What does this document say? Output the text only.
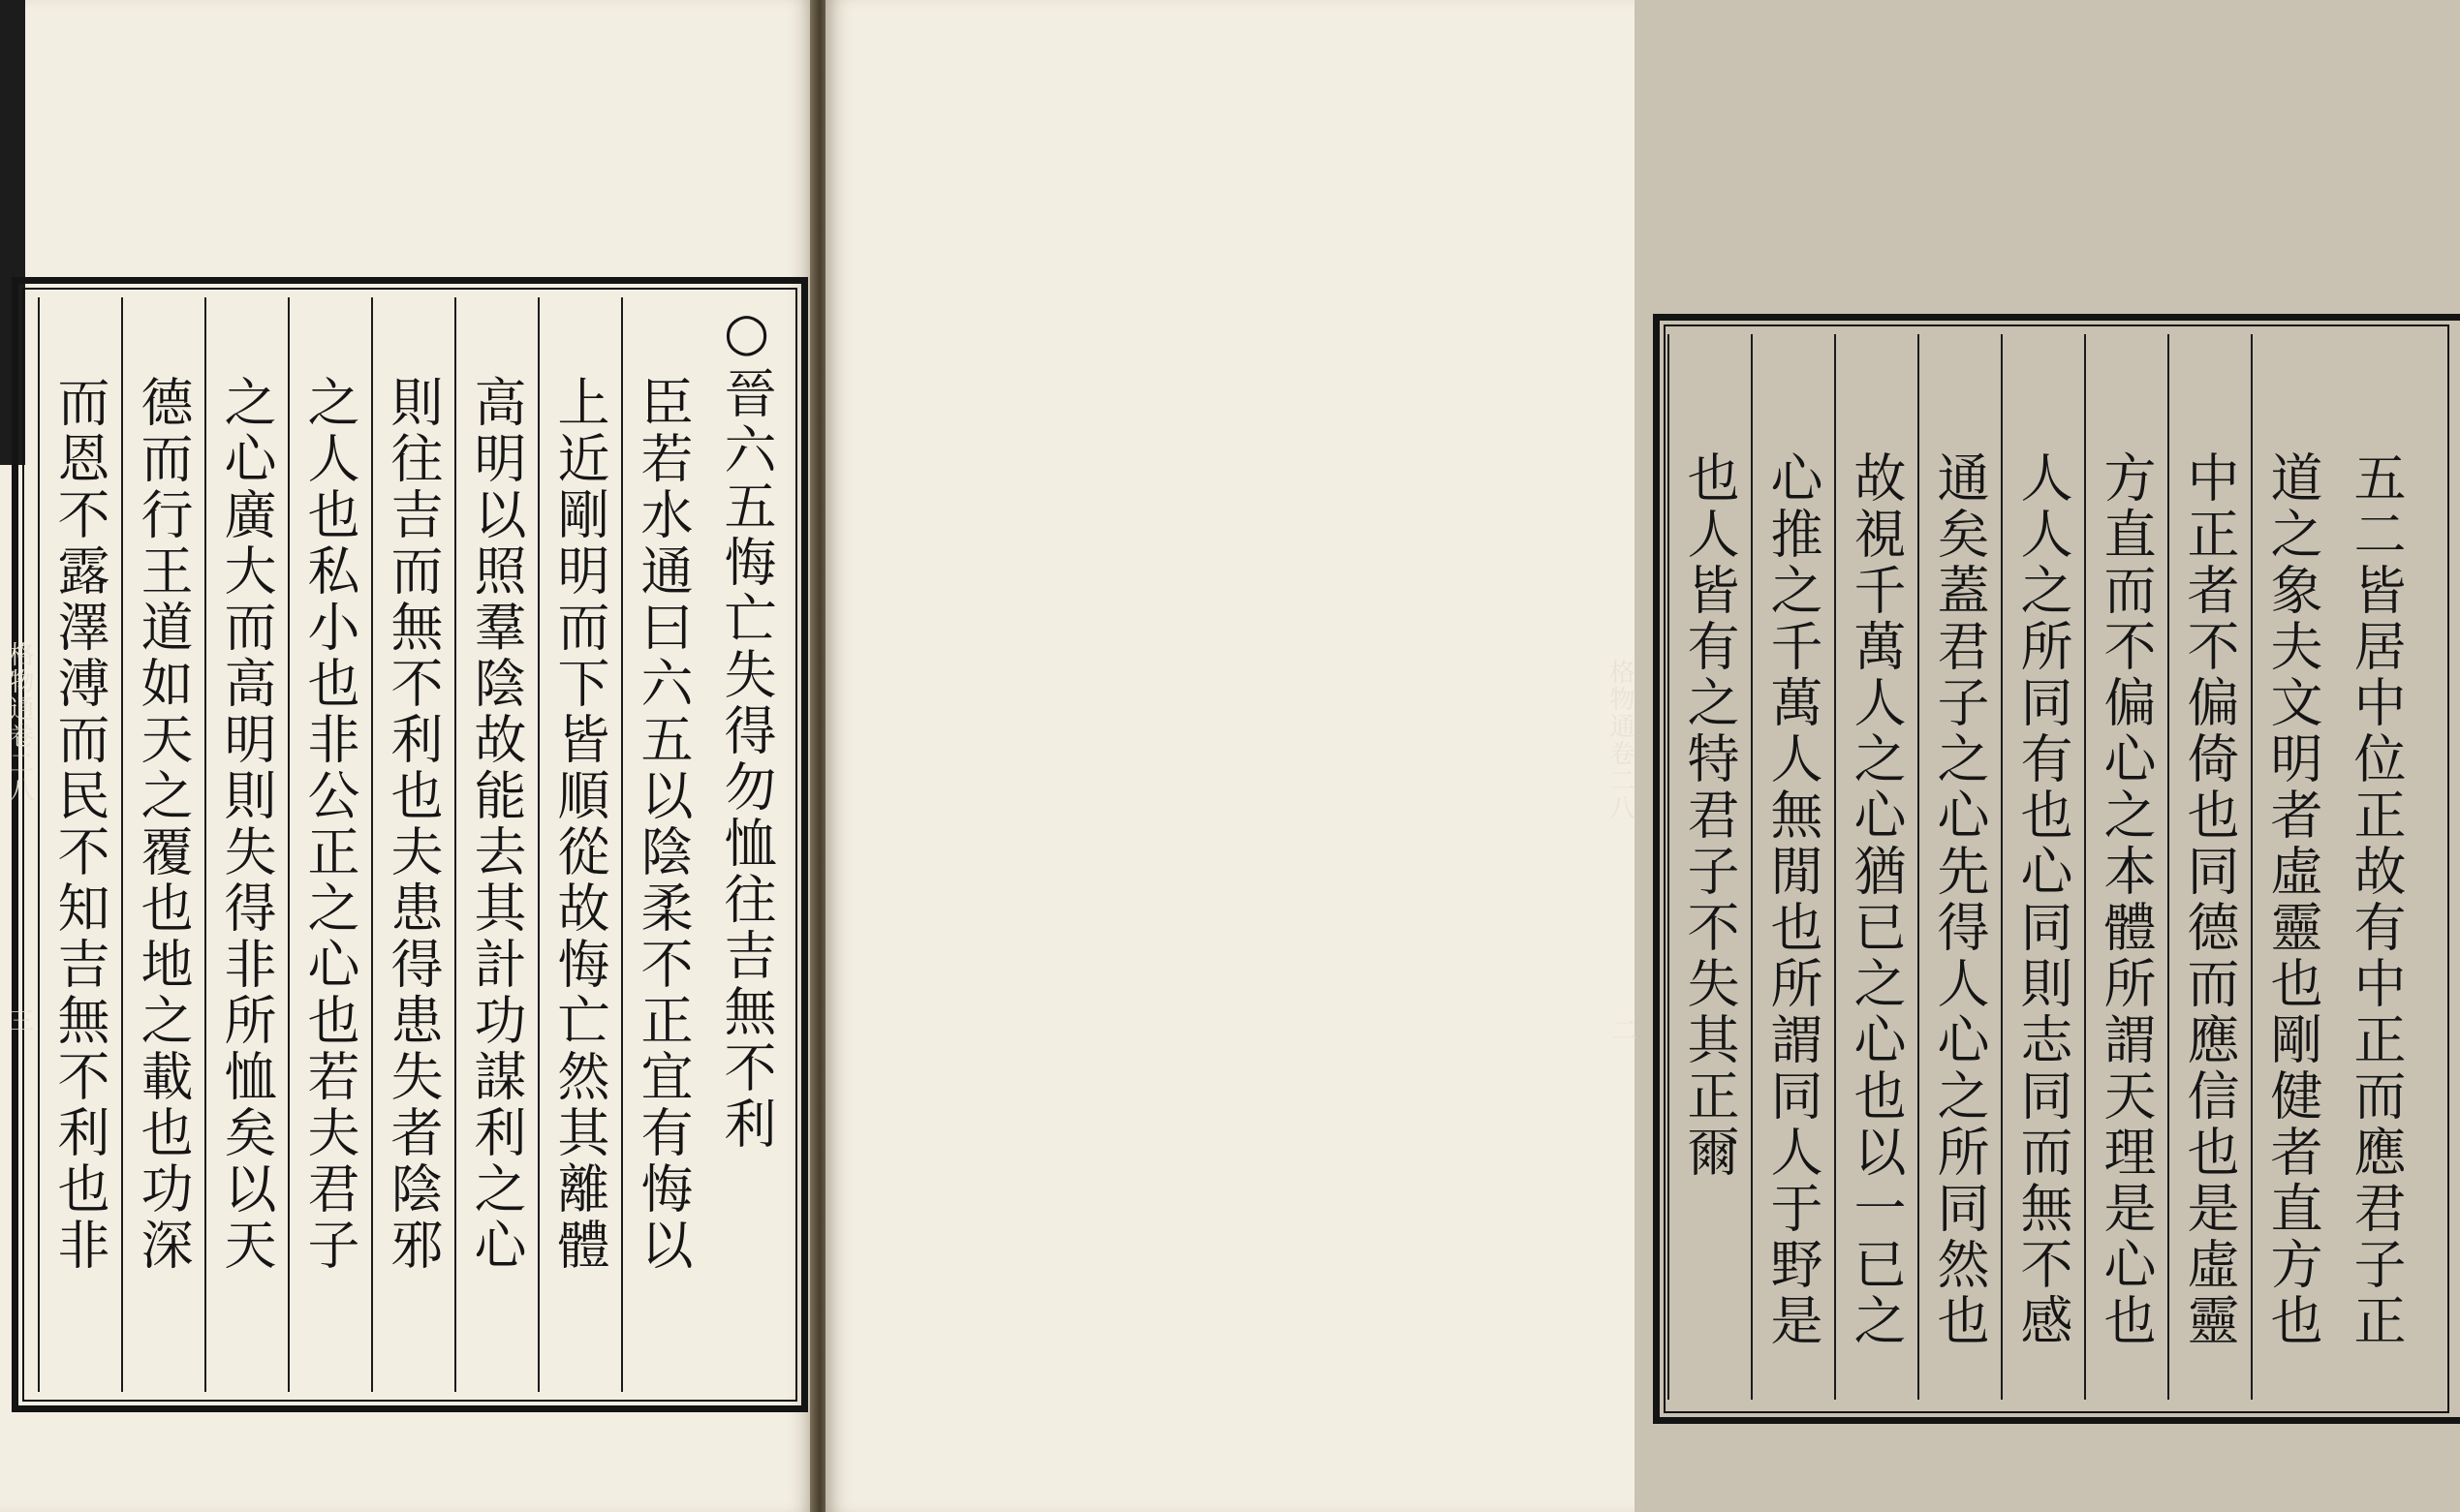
○晉六五悔亡失得勿恤往吉無不利
臣若水通曰六五以陰柔不正宜有悔以
上近剛明而下皆順從故悔亡然其離體
高明以照羣陰故能去其計功謀利之心
則往吉而無不利也夫患得患失者陰邪
之人也私小也非公正之心也若夫君子
之心廣大而高明則失得非所恤矣以天
德而行王道如天之覆也地之載也功深
而恩不露澤溥而民不知吉無不利也非
格物通卷二八
三	五二皆居中位正故有中正而應君子正
道之象夫文明者虛靈也剛健者直方也
中正者不偏倚也同德而應信也是虛靈
方直而不偏心之本體所謂天理是心也
人人之所同有也心同則志同而無不感
通矣蓋君子之心先得人心之所同然也
故視千萬人之心猶已之心也以一已之
心推之千萬人無閒也所謂同人于野是
也人皆有之特君子不失其正爾
格物通卷二八
二
